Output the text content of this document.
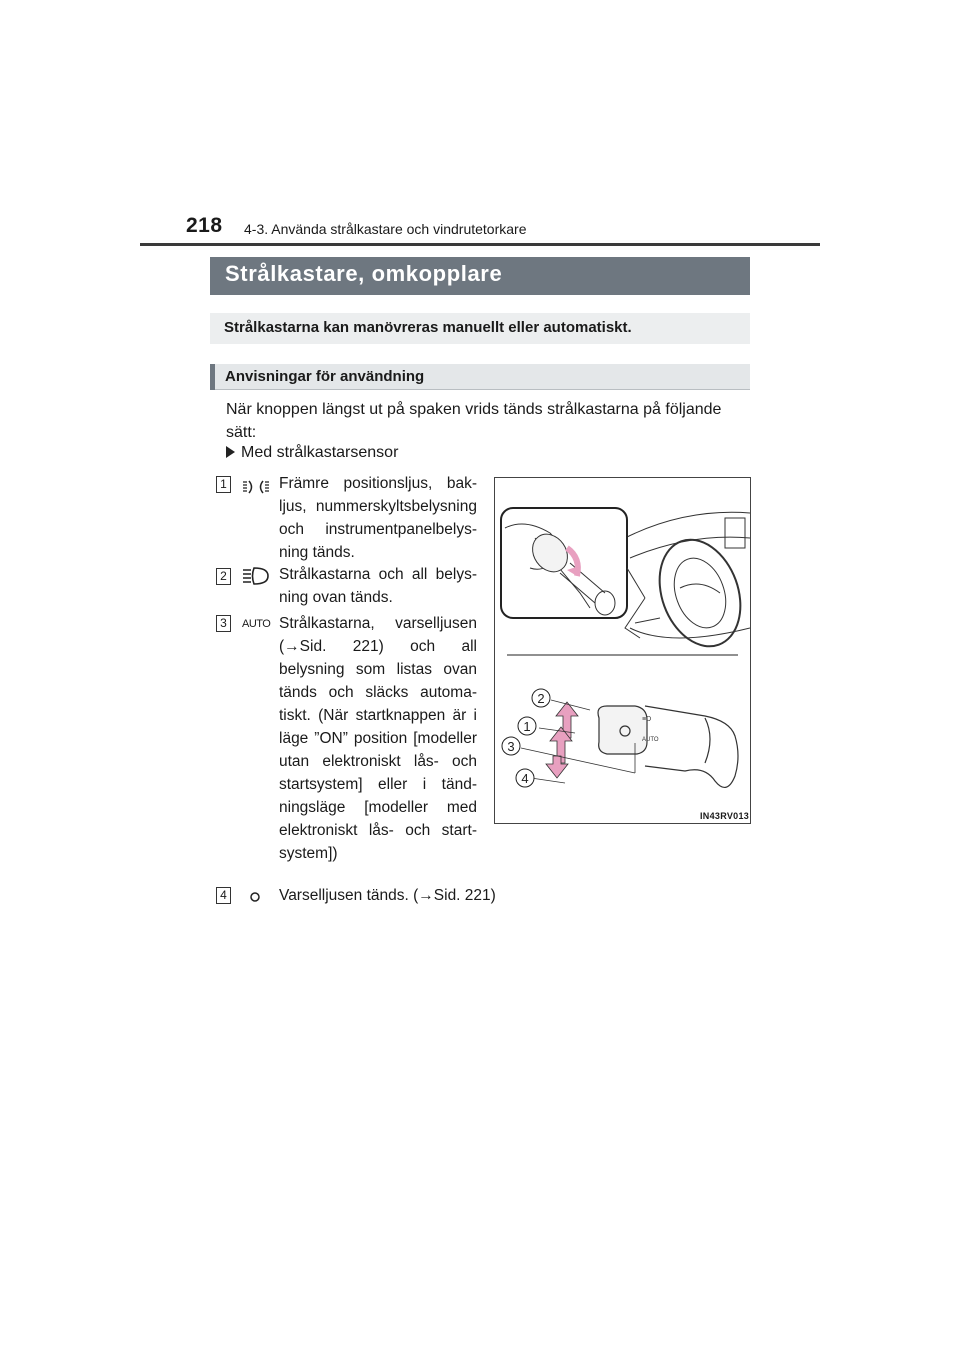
218 4-3. Använda strålkastare och vindrutetorkare
Strålkastare, omkopplare
Strålkastarna kan manövreras manuellt eller automatiskt.
Anvisningar för användning
När knoppen längst ut på spaken vrids tänds strålkastarna på följande sätt:
Med strålkastarsensor
1	Främre positionsljus, bak- ljus, nummerskyltsbelysning och instrumentpanelbelys- ning tänds.
2	Strålkastarna och all belys- ning ovan tänds.
3	AUTO Strålkastarna, varselljusen (→Sid. 221) och all belysning som listas ovan tänds och släcks automa- tiskt. (När startknappen är i läge ”ON” position [modeller utan elektroniskt lås- och startsystem] eller i tänd- ningsläge [modeller med elektroniskt lås- och start- system])
4	Varselljusen tänds. (→Sid. 221)
≡D
AUTO
2
1
3
4
IN43RV013
